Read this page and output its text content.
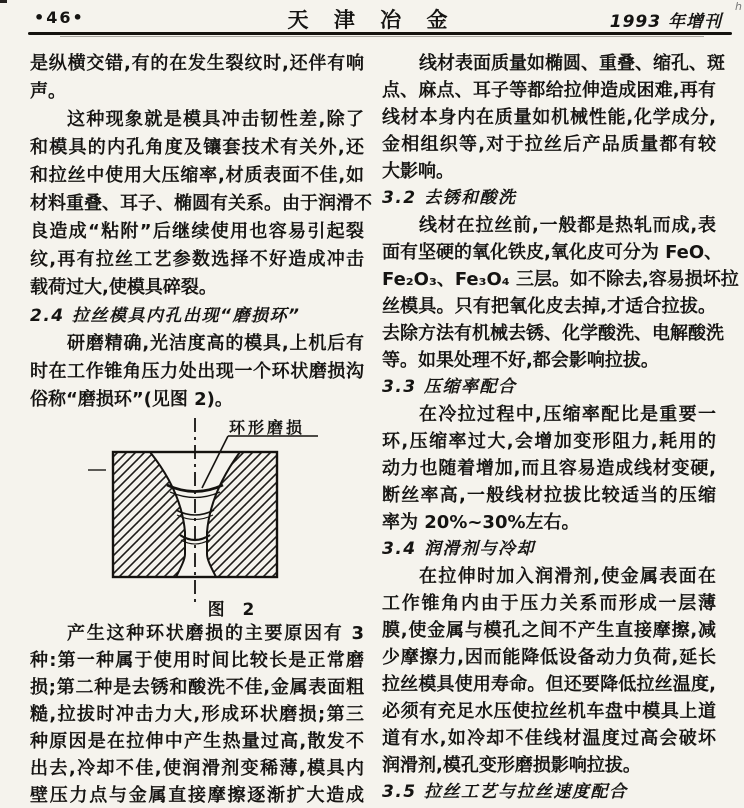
•46•	天 津 冶 金	1993 年增刊
h
是纵横交错,有的在发生裂纹时,还伴有响
声。
这种现象就是模具冲击韧性差,除了
和模具的内孔角度及镶套技术有关外,还
和拉丝中使用大压缩率,材质表面不佳,如
材料重叠、耳子、椭圆有关系。由于润滑不
良造成“粘附”后继续使用也容易引起裂
纹,再有拉丝工艺参数选择不好造成冲击
载荷过大,使模具碎裂。
2.4 拉丝模具内孔出现“磨损环”
研磨精确,光洁度高的模具,上机后有
时在工作锥角压力处出现一个环状磨损沟
俗称“磨损环”(见图 2)。
环形磨损
图 2
产生这种环状磨损的主要原因有 3
种:第一种属于使用时间比较长是正常磨
损;第二种是去锈和酸洗不佳,金属表面粗
糙,拉拔时冲击力大,形成环状磨损;第三
种原因是在拉伸中产生热量过高,散发不
出去,冷却不佳,使润滑剂变稀薄,模具内
壁压力点与金属直接摩擦逐渐扩大造成
线材表面质量如椭圆、重叠、缩孔、斑
点、麻点、耳子等都给拉伸造成困难,再有
线材本身内在质量如机械性能,化学成分,
金相组织等,对于拉丝后产品质量都有较
大影响。
3.2 去锈和酸洗
线材在拉丝前,一般都是热轧而成,表
面有坚硬的氧化铁皮,氧化皮可分为 FeO、
Fe₂O₃、Fe₃O₄ 三层。如不除去,容易损坏拉
丝模具。只有把氧化皮去掉,才适合拉拔。
去除方法有机械去锈、化学酸洗、电解酸洗
等。如果处理不好,都会影响拉拔。
3.3 压缩率配合
在冷拉过程中,压缩率配比是重要一
环,压缩率过大,会增加变形阻力,耗用的
动力也随着增加,而且容易造成线材变硬,
断丝率高,一般线材拉拔比较适当的压缩
率为 20%~30%左右。
3.4 润滑剂与冷却
在拉伸时加入润滑剂,使金属表面在
工作锥角内由于压力关系而形成一层薄
膜,使金属与模孔之间不产生直接摩擦,减
少摩擦力,因而能降低设备动力负荷,延长
拉丝模具使用寿命。但还要降低拉丝温度,
必须有充足水压使拉丝机车盘中模具上道
道有水,如冷却不佳线材温度过高会破坏
润滑剂,模孔变形磨损影响拉拔。
3.5 拉丝工艺与拉丝速度配合
